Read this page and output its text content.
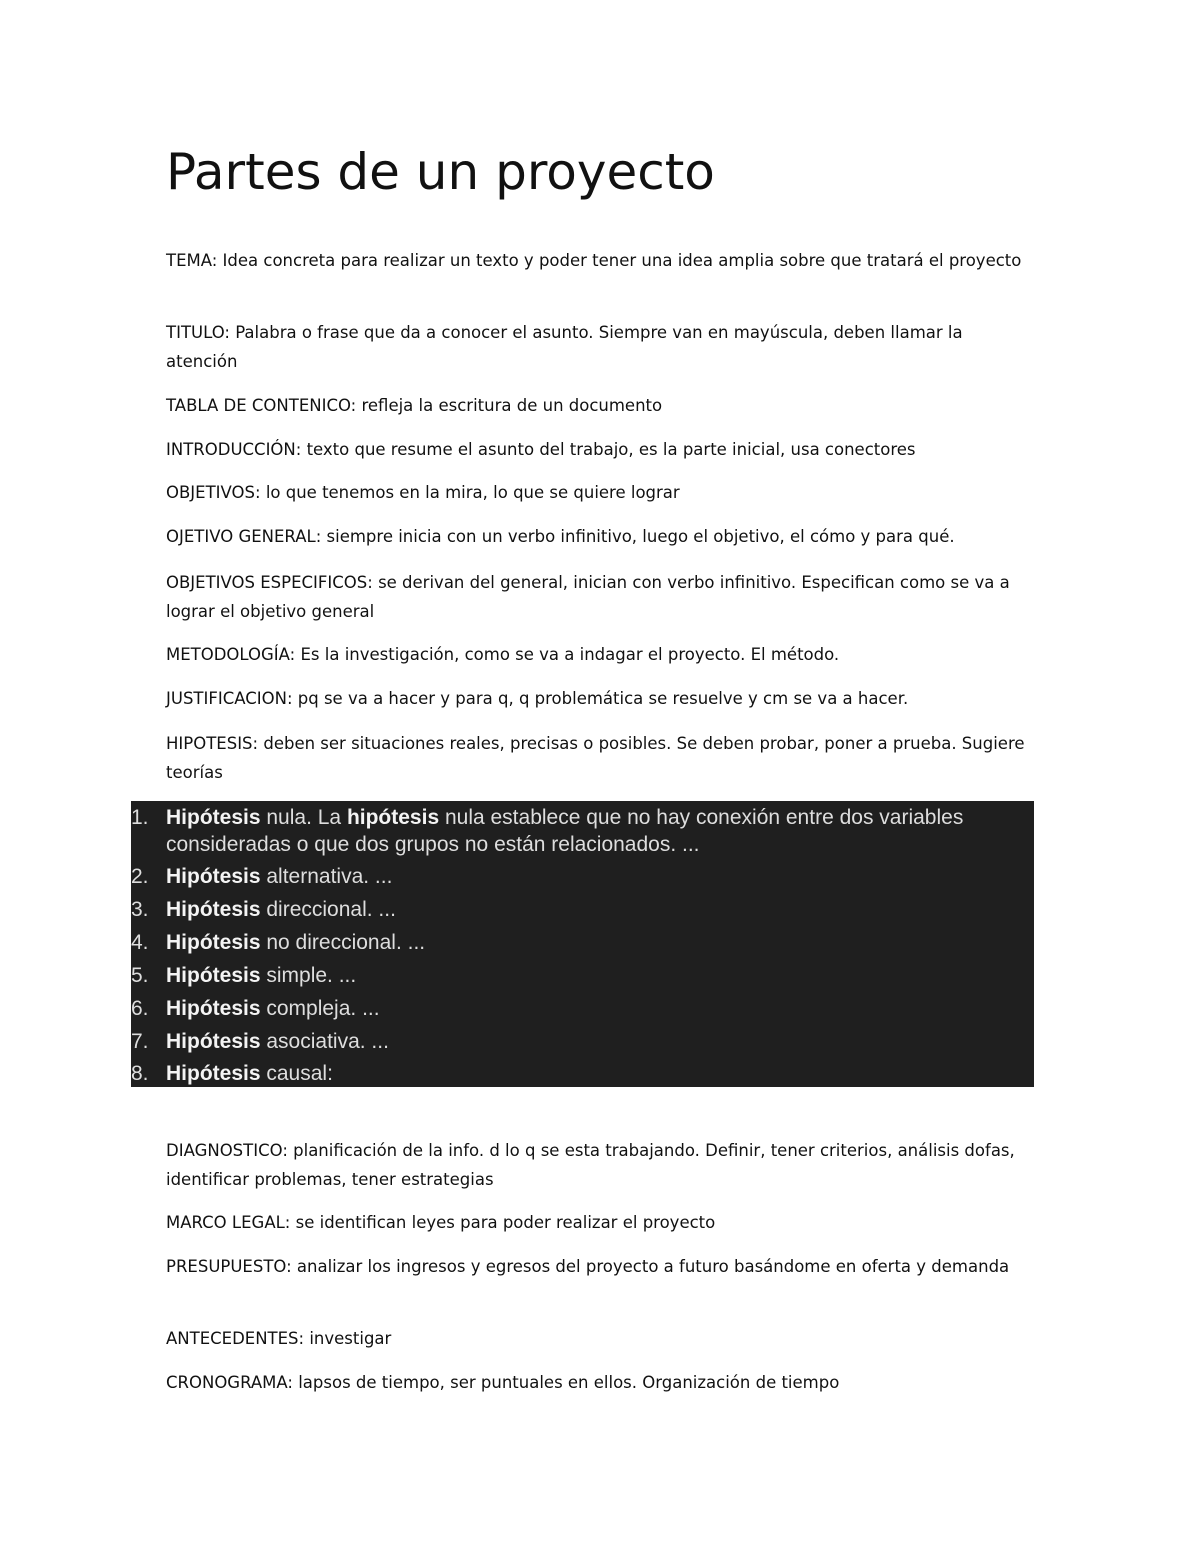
Partes de un proyecto

TEMA: Idea concreta para realizar un texto y poder tener una idea amplia sobre que tratará el proyecto

TITULO: Palabra o frase que da a conocer el asunto. Siempre van en mayúscula, deben llamar la atención

TABLA DE CONTENICO: refleja la escritura de un documento

INTRODUCCIÓN: texto que resume el asunto del trabajo, es la parte inicial, usa conectores

OBJETIVOS: lo que tenemos en la mira, lo que se quiere lograr

OJETIVO GENERAL: siempre inicia con un verbo infinitivo, luego el objetivo, el cómo y para qué.

OBJETIVOS ESPECIFICOS: se derivan del general, inician con verbo infinitivo. Especifican como se va a lograr el objetivo general

METODOLOGÍA: Es la investigación, como se va a indagar el proyecto. El método.

JUSTIFICACION: pq se va a hacer y para q, q problemática se resuelve y cm se va a hacer.

HIPOTESIS: deben ser situaciones reales, precisas o posibles. Se deben probar, poner a prueba. Sugiere teorías

1. Hipótesis nula. La hipótesis nula establece que no hay conexión entre dos variables consideradas o que dos grupos no están relacionados. ...
2. Hipótesis alternativa. ...
3. Hipótesis direccional. ...
4. Hipótesis no direccional. ...
5. Hipótesis simple. ...
6. Hipótesis compleja. ...
7. Hipótesis asociativa. ...
8. Hipótesis causal:

DIAGNOSTICO: planificación de la info. d lo q se esta trabajando. Definir, tener criterios, análisis dofas, identificar problemas, tener estrategias

MARCO LEGAL: se identifican leyes para poder realizar el proyecto

PRESUPUESTO: analizar los ingresos y egresos del proyecto a futuro basándome en oferta y demanda

ANTECEDENTES: investigar

CRONOGRAMA: lapsos de tiempo, ser puntuales en ellos. Organización de tiempo
